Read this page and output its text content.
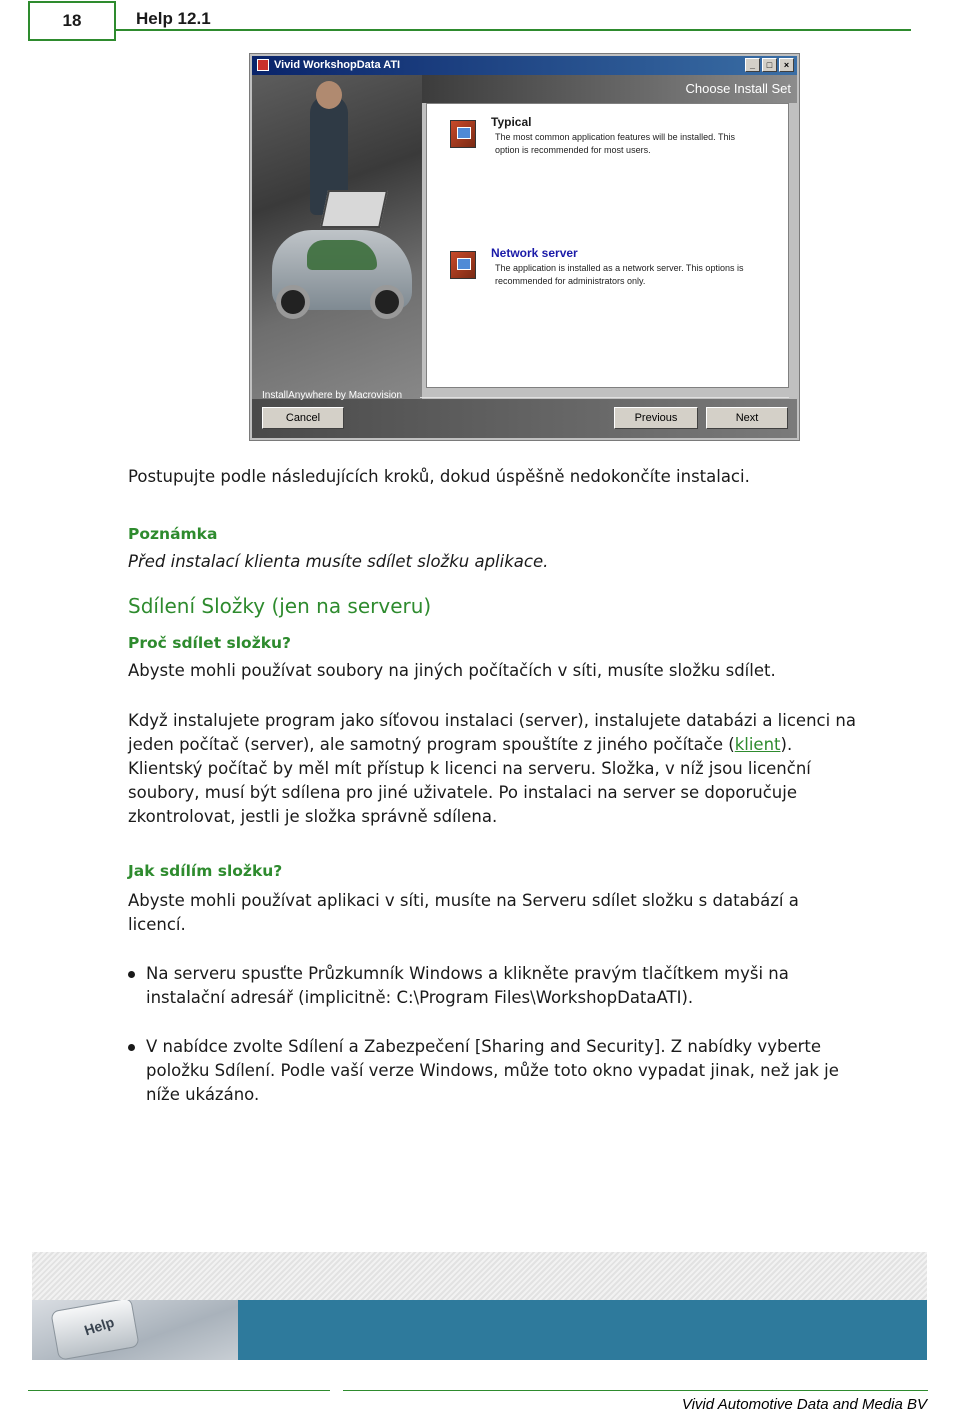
18	Help 12.1
Vivid WorkshopData ATI	_	□	×
Choose Install Set
Typical
The most common application features will be installed. This
option is recommended for most users.
Network server
The application is installed as a network server. This options is
recommended for administrators only.
InstallAnywhere by Macrovision
Cancel	Previous	Next
Postupujte podle následujících kroků, dokud úspěšně nedokončíte instalaci.
Poznámka
Před instalací klienta musíte sdílet složku aplikace.
Sdílení Složky (jen na serveru)
Proč sdílet složku?
Abyste mohli používat soubory na jiných počítačích v síti, musíte složku sdílet.
Když instalujete program jako síťovou instalaci (server), instalujete databázi a licenci na
jeden počítač (server), ale samotný program spouštíte z jiného počítače (klient).
Klientský počítač by měl mít přístup k licenci na serveru. Složka, v níž jsou licenční
soubory, musí být sdílena pro jiné uživatele. Po instalaci na server se doporučuje
zkontrolovat, jestli je složka správně sdílena.
Jak sdílím složku?
Abyste mohli používat aplikaci v síti, musíte na Serveru sdílet složku s databází a
licencí.
Na serveru spusťte Průzkumník Windows a klikněte pravým tlačítkem myši na
instalační adresář (implicitně: C:\Program Files\WorkshopDataATI).
V nabídce zvolte Sdílení a Zabezpečení [Sharing and Security]. Z nabídky vyberte
položku Sdílení. Podle vaší verze Windows, může toto okno vypadat jinak, než jak je
níže ukázáno.
Help
Vivid Automotive Data and Media BV
